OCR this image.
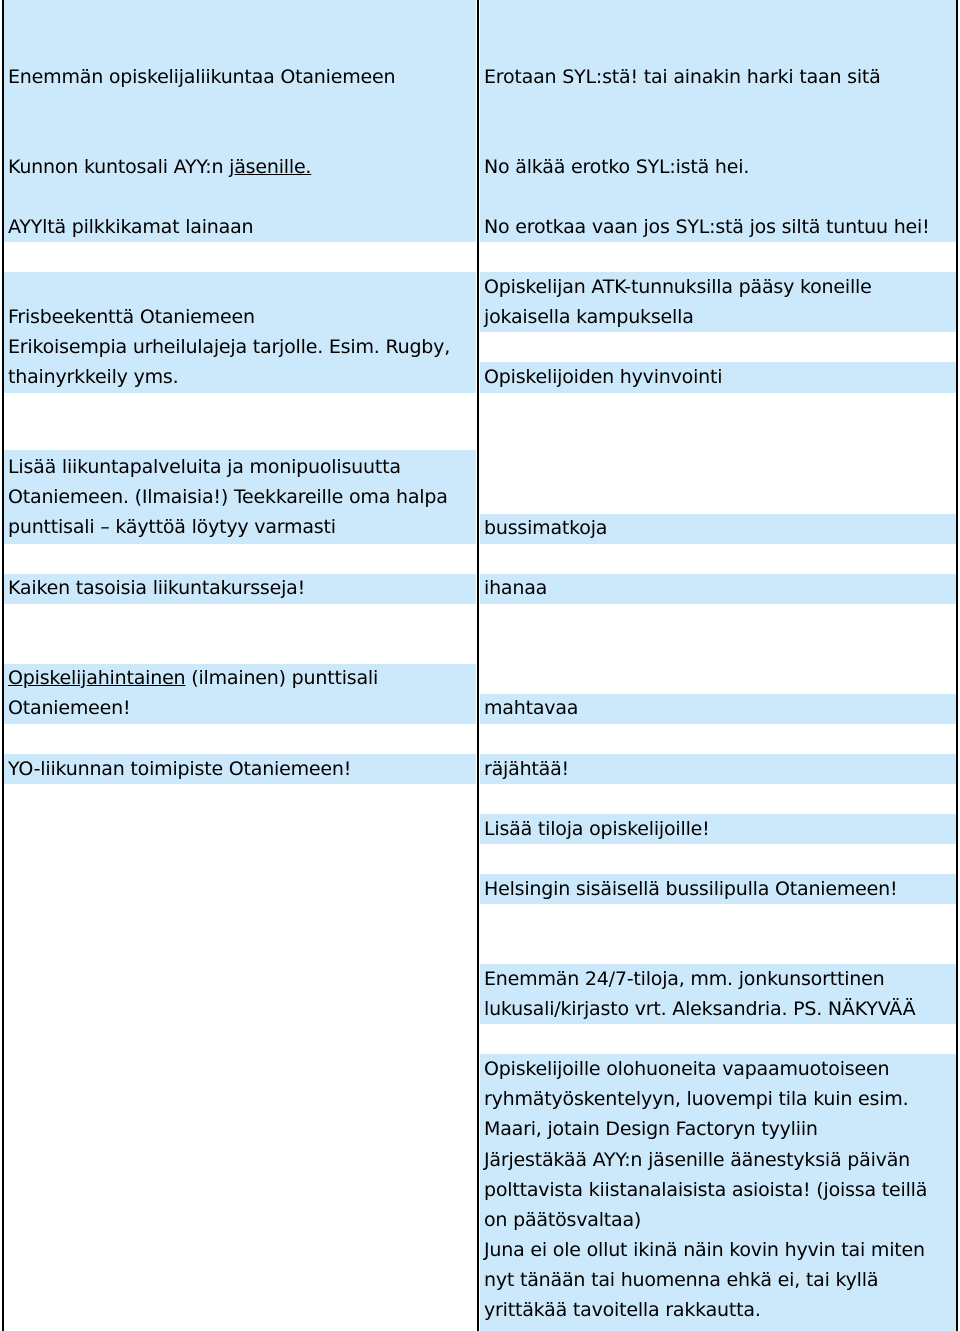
Enemmän opiskelijaliikuntaa Otaniemeen
Kunnon kuntosali AYY:n jäsenille.
AYYltä pilkkikamat lainaan
Frisbeekenttä Otaniemeen
Erikoisempia urheilulajeja tarjolle. Esim. Rugby,
thainyrkkeily yms.
Lisää liikuntapalveluita ja monipuolisuutta
Otaniemeen. (Ilmaisia!) Teekkareille oma halpa
punttisali – käyttöä löytyy varmasti
Kaiken tasoisia liikuntakursseja!
Opiskelijahintainen (ilmainen) punttisali
Otaniemeen!
YO-liikunnan toimipiste Otaniemeen!
Erotaan SYL:stä! tai ainakin harki taan sitä
No älkää erotko SYL:istä hei.
No erotkaa vaan jos SYL:stä jos siltä tuntuu hei!
Opiskelijan ATK-tunnuksilla pääsy koneille
jokaisella kampuksella
Opiskelijoiden hyvinvointi
bussimatkoja
ihanaa
mahtavaa
räjähtää!
Lisää tiloja opiskelijoille!
Helsingin sisäisellä bussilipulla Otaniemeen!
Enemmän 24/7-tiloja, mm. jonkunsorttinen
lukusali/kirjasto vrt. Aleksandria. PS. NÄKYVÄÄ
Opiskelijoille olohuoneita vapaamuotoiseen
ryhmätyöskentelyyn, luovempi tila kuin esim.
Maari, jotain Design Factoryn tyyliin
Järjestäkää AYY:n jäsenille äänestyksiä päivän
polttavista kiistanalaisista asioista! (joissa teillä
on päätösvaltaa)
Juna ei ole ollut ikinä näin kovin hyvin tai miten
nyt tänään tai huomenna ehkä ei, tai kyllä
yrittäkää tavoitella rakkautta.
